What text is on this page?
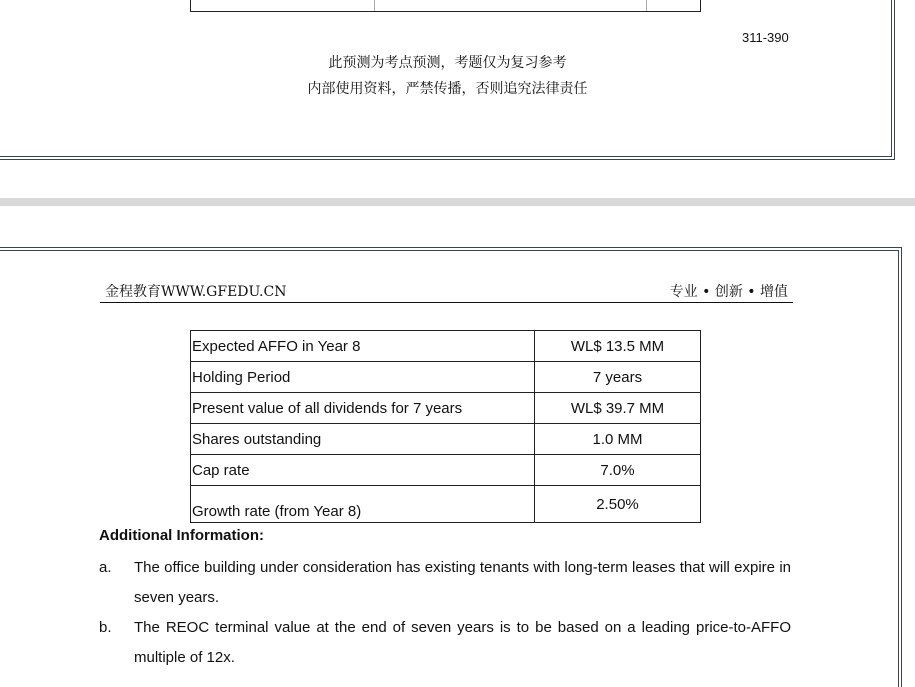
311-390
此预测为考点预测，考题仅为复习参考
内部使用资料，严禁传播，否则追究法律责任
金程教育WWW.GFEDU.CN	专业 • 创新 • 增值
Expected AFFO in Year 8	WL$ 13.5 MM
Holding Period	7 years
Present value of all dividends for 7 years	WL$ 39.7 MM
Shares outstanding	1.0 MM
Cap rate	7.0%
Growth rate (from Year 8)	2.50%
Additional Information:
a. The office building under consideration has existing tenants with long-term leases that will expire in seven years.
b. The REOC terminal value at the end of seven years is to be based on a leading price-to-AFFO multiple of 12x.
